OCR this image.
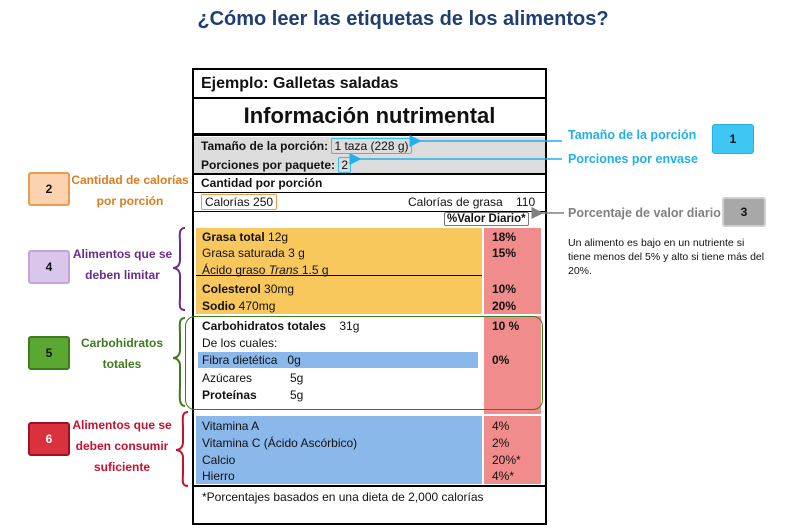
¿Cómo leer las etiquetas de los alimentos?
Ejemplo: Galletas saladas
Información nutrimental
Tamaño de la porción: 1 taza (228 g)
Porciones por paquete: 2
Cantidad por porción
Calorías 250	Calorías de grasa 110
%Valor Diario*
Grasa total 12g	18%
Grasa saturada 3 g	15%
Ácido graso Trans 1.5 g
Colesterol 30mg	10%
Sodio 470mg	20%
Carbohidratos totales 31g	10 %
De los cuales:
Fibra dietética 0g	0%
Azúcares	5g
Proteínas	5g
Vitamina A	4%
Vitamina C (Ácido Ascórbico)	2%
Calcio	20%*
Hierro	4%*
*Porcentajes basados en una dieta de 2,000 calorías
Tamaño de la porción	1
Porciones por envase
Porcentaje de valor diario	3
Un alimento es bajo en un nutriente si tiene menos del 5% y alto si tiene más del 20%.
2
Cantidad de calorías
por porción
4
Alimentos que se
deben limitar
5
Carbohidratos
totales
6
Alimentos que se
deben consumir
suficiente
